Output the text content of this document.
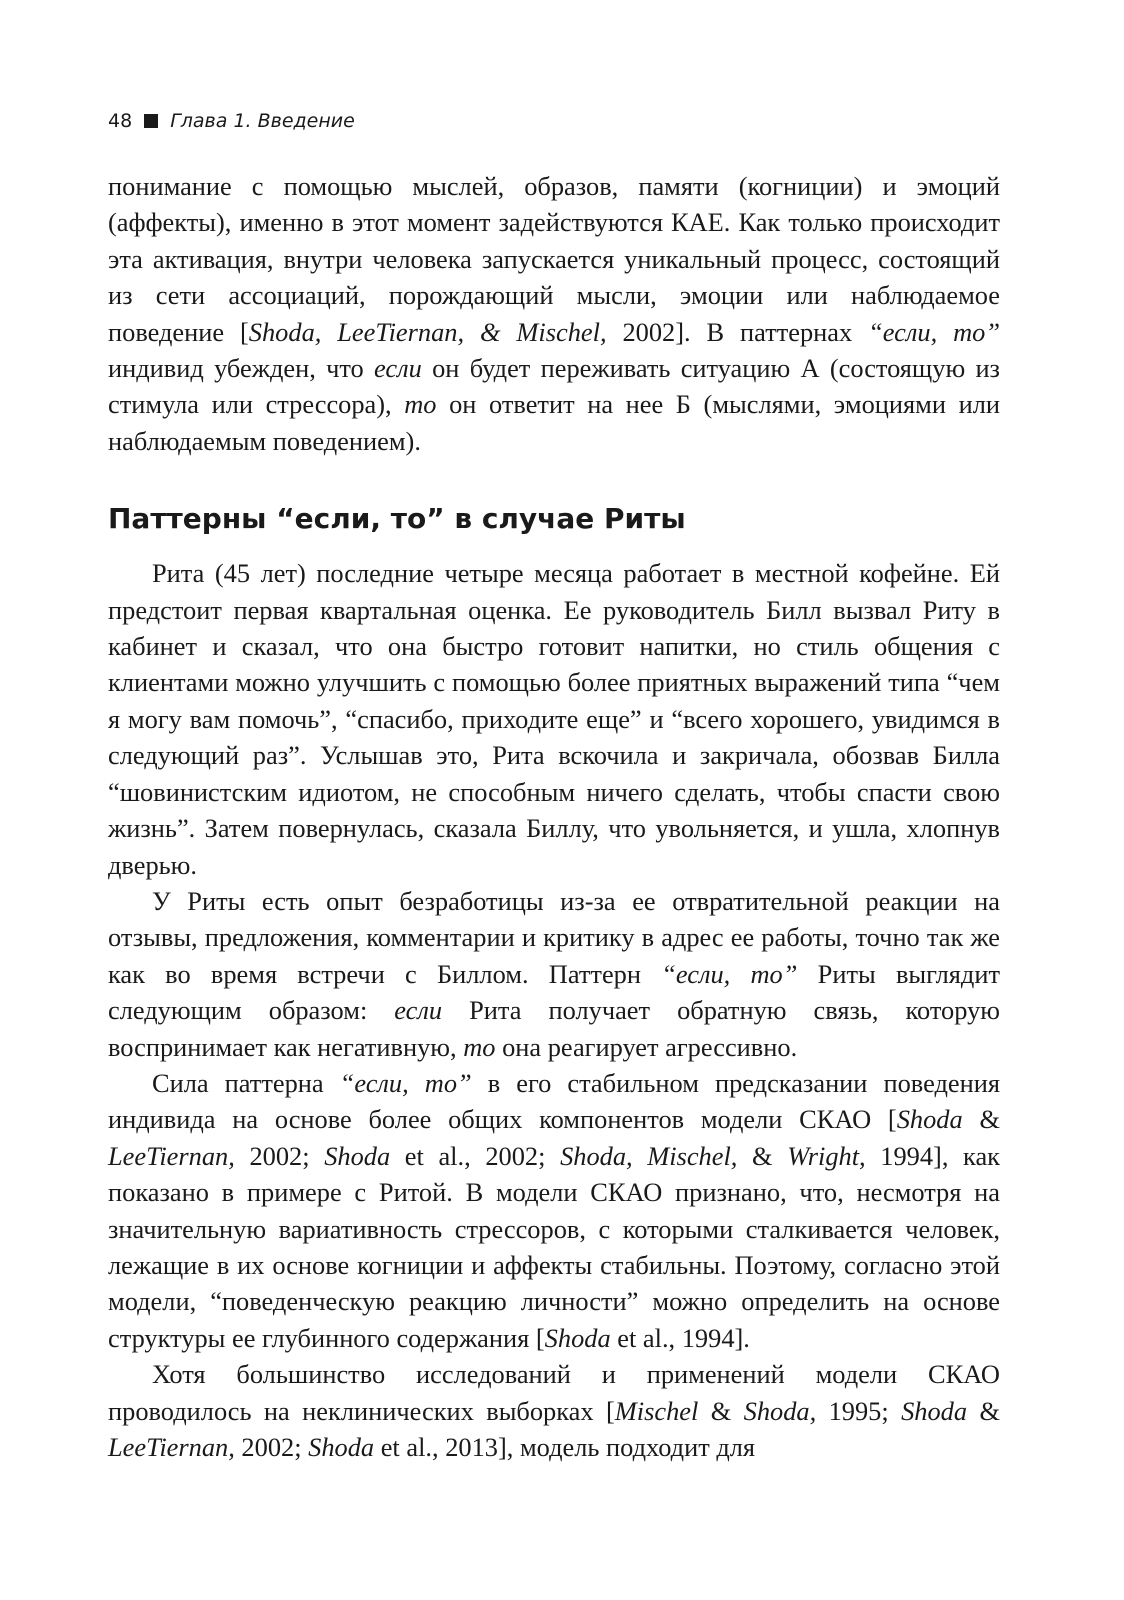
48 Глава 1. Введение

понимание с помощью мыслей, образов, памяти (когниции) и эмоций (аффекты), именно в этот момент задействуются КАЕ. Как только происходит эта активация, внутри человека запускается уникальный процесс, состоящий из сети ассоциаций, порождающий мысли, эмоции или наблюдаемое поведение [Shoda, LeeTiernan, & Mischel, 2002]. В паттернах “если, то” индивид убежден, что если он будет переживать ситуацию А (состоящую из стимула или стрессора), то он ответит на нее Б (мыслями, эмоциями или наблюдаемым поведением).

Паттерны “если, то” в случае Риты

Рита (45 лет) последние четыре месяца работает в местной кофейне. Ей предстоит первая квартальная оценка. Ее руководитель Билл вызвал Риту в кабинет и сказал, что она быстро готовит напитки, но стиль общения с клиентами можно улучшить с помощью более приятных выражений типа “чем я могу вам помочь”, “спасибо, приходите еще” и “всего хорошего, увидимся в следующий раз”. Услышав это, Рита вскочила и закричала, обозвав Билла “шовинистским идиотом, не способным ничего сделать, чтобы спасти свою жизнь”. Затем повернулась, сказала Биллу, что увольняется, и ушла, хлопнув дверью.

У Риты есть опыт безработицы из-за ее отвратительной реакции на отзывы, предложения, комментарии и критику в адрес ее работы, точно так же как во время встречи с Биллом. Паттерн “если, то” Риты выглядит следующим образом: если Рита получает обратную связь, которую воспринимает как негативную, то она реагирует агрессивно.

Сила паттерна “если, то” в его стабильном предсказании поведения индивида на основе более общих компонентов модели СКАО [Shoda & LeeTiernan, 2002; Shoda et al., 2002; Shoda, Mischel, & Wright, 1994], как показано в примере с Ритой. В модели СКАО признано, что, несмотря на значительную вариативность стрессоров, с которыми сталкивается человек, лежащие в их основе когниции и аффекты стабильны. Поэтому, согласно этой модели, “поведенческую реакцию личности” можно определить на основе структуры ее глубинного содержания [Shoda et al., 1994].

Хотя большинство исследований и применений модели СКАО проводилось на неклинических выборках [Mischel & Shoda, 1995; Shoda & LeeTiernan, 2002; Shoda et al., 2013], модель подходит для
